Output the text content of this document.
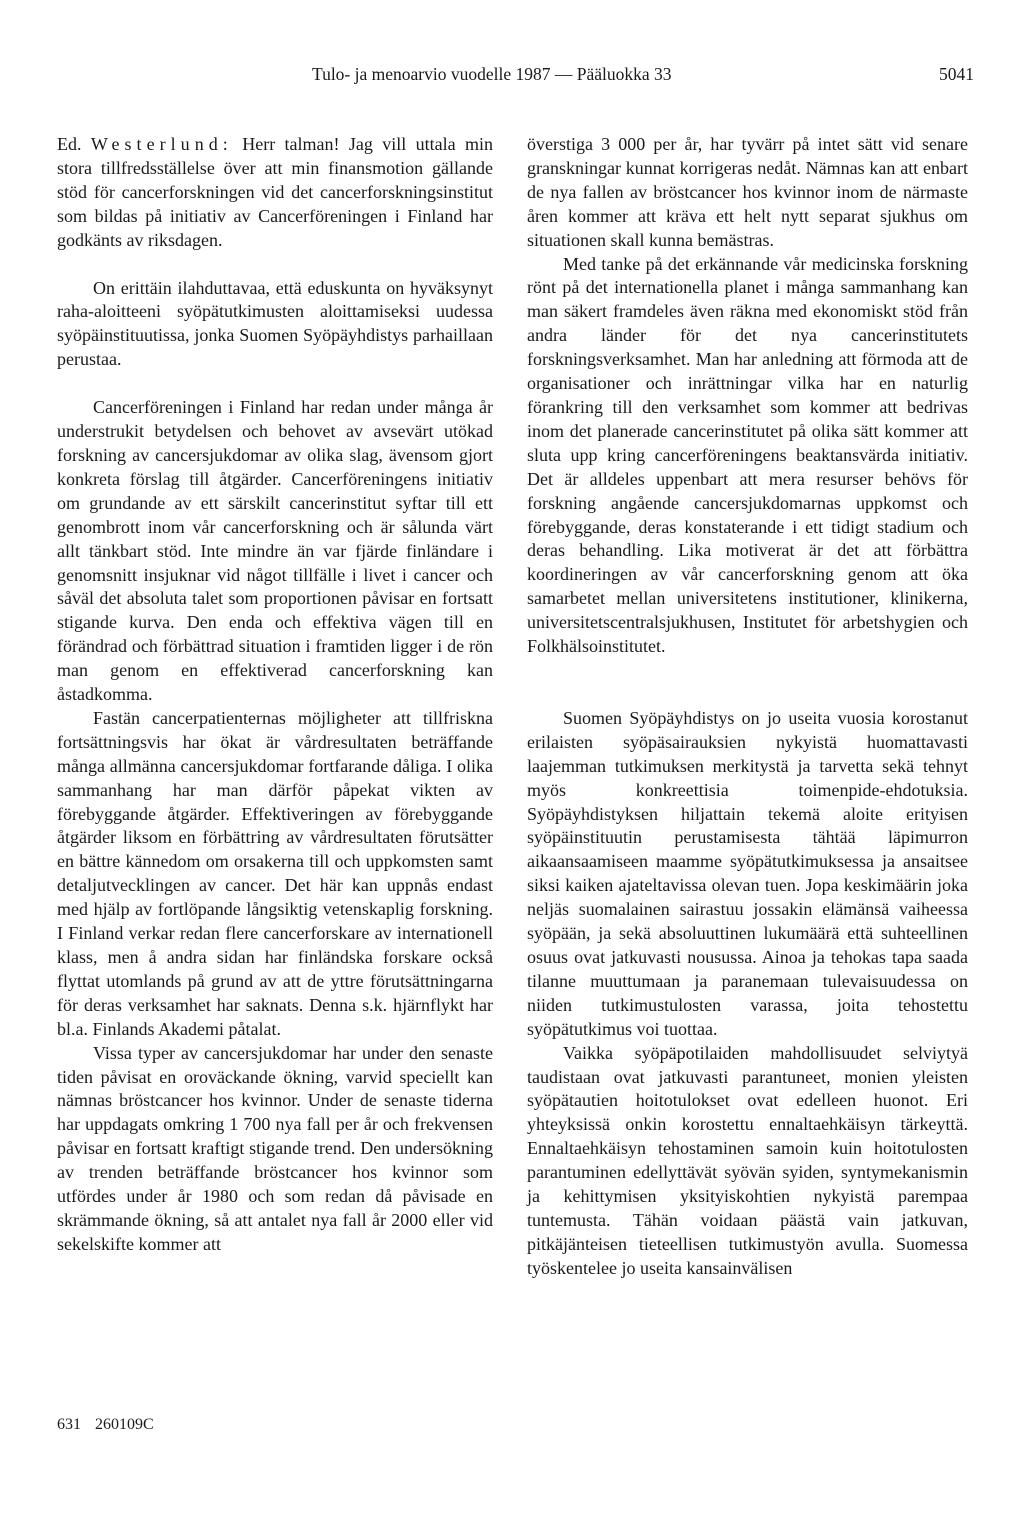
Tulo- ja menoarvio vuodelle 1987 — Pääluokka 33	5041

Ed. Westerlund: Herr talman! Jag vill uttala min stora tillfredsställelse över att min finansmotion gällande stöd för cancerforskningen vid det cancerforskningsinstitut som bildas på initiativ av Cancerföreningen i Finland har godkänts av riksdagen.

On erittäin ilahduttavaa, että eduskunta on hyväksynyt raha-aloitteeni syöpätutkimusten aloittamiseksi uudessa syöpäinstituutissa, jonka Suomen Syöpäyhdistys parhaillaan perustaa.

Cancerföreningen i Finland har redan under många år understrukit betydelsen och behovet av avsevärt utökad forskning av cancersjukdomar av olika slag, ävensom gjort konkreta förslag till åtgärder. Cancerföreningens initiativ om grundande av ett särskilt cancerinstitut syftar till ett genombrott inom vår cancerforskning och är sålunda värt allt tänkbart stöd. Inte mindre än var fjärde finländare i genomsnitt insjuknar vid något tillfälle i livet i cancer och såväl det absoluta talet som proportionen påvisar en fortsatt stigande kurva. Den enda och effektiva vägen till en förändrad och förbättrad situation i framtiden ligger i de rön man genom en effektiverad cancerforskning kan åstadkomma.

Fastän cancerpatienternas möjligheter att tillfriskna fortsättningsvis har ökat är vårdresultaten beträffande många allmänna cancersjukdomar fortfarande dåliga. I olika sammanhang har man därför påpekat vikten av förebyggande åtgärder. Effektiveringen av förebyggande åtgärder liksom en förbättring av vårdresultaten förutsätter en bättre kännedom om orsakerna till och uppkomsten samt detaljutvecklingen av cancer. Det här kan uppnås endast med hjälp av fortlöpande långsiktig vetenskaplig forskning. I Finland verkar redan flere cancerforskare av internationell klass, men å andra sidan har finländska forskare också flyttat utomlands på grund av att de yttre förutsättningarna för deras verksamhet har saknats. Denna s.k. hjärnflykt har bl.a. Finlands Akademi påtalat.

Vissa typer av cancersjukdomar har under den senaste tiden påvisat en oroväckande ökning, varvid speciellt kan nämnas bröstcancer hos kvinnor. Under de senaste tiderna har uppdagats omkring 1 700 nya fall per år och frekvensen påvisar en fortsatt kraftigt stigande trend. Den undersökning av trenden beträffande bröstcancer hos kvinnor som utfördes under år 1980 och som redan då påvisade en skrämmande ökning, så att antalet nya fall år 2000 eller vid sekelskifte kommer att

överstiga 3 000 per år, har tyvärr på intet sätt vid senare granskningar kunnat korrigeras nedåt. Nämnas kan att enbart de nya fallen av bröstcancer hos kvinnor inom de närmaste åren kommer att kräva ett helt nytt separat sjukhus om situationen skall kunna bemästras.

Med tanke på det erkännande vår medicinska forskning rönt på det internationella planet i många sammanhang kan man säkert framdeles även räkna med ekonomiskt stöd från andra länder för det nya cancerinstitutets forskningsverksamhet. Man har anledning att förmoda att de organisationer och inrättningar vilka har en naturlig förankring till den verksamhet som kommer att bedrivas inom det planerade cancerinstitutet på olika sätt kommer att sluta upp kring cancerföreningens beaktansvärda initiativ. Det är alldeles uppenbart att mera resurser behövs för forskning angående cancersjukdomarnas uppkomst och förebyggande, deras konstaterande i ett tidigt stadium och deras behandling. Lika motiverat är det att förbättra koordineringen av vår cancerforskning genom att öka samarbetet mellan universitetens institutioner, klinikerna, universitetscentralsjukhusen, Institutet för arbetshygien och Folkhälsoinstitutet.

Suomen Syöpäyhdistys on jo useita vuosia korostanut erilaisten syöpäsairauksien nykyistä huomattavasti laajemman tutkimuksen merkitystä ja tarvetta sekä tehnyt myös konkreettisia toimenpide-ehdotuksia. Syöpäyhdistyksen hiljattain tekemä aloite erityisen syöpäinstituutin perustamisesta tähtää läpimurron aikaansaamiseen maamme syöpätutkimuksessa ja ansaitsee siksi kaiken ajateltavissa olevan tuen. Jopa keskimäärin joka neljäs suomalainen sairastuu jossakin elämänsä vaiheessa syöpään, ja sekä absoluuttinen lukumäärä että suhteellinen osuus ovat jatkuvasti nousussa. Ainoa ja tehokas tapa saada tilanne muuttumaan ja paranemaan tulevaisuudessa on niiden tutkimustulosten varassa, joita tehostettu syöpätutkimus voi tuottaa.

Vaikka syöpäpotilaiden mahdollisuudet selviytyä taudistaan ovat jatkuvasti parantuneet, monien yleisten syöpätautien hoitotulokset ovat edelleen huonot. Eri yhteyksissä onkin korostettu ennaltaehkäisyn tärkeyttä. Ennaltaehkäisyn tehostaminen samoin kuin hoitotulosten parantuminen edellyttävät syövän syiden, syntymekanismin ja kehittymisen yksityiskohtien nykyistä parempaa tuntemusta. Tähän voidaan päästä vain jatkuvan, pitkäjänteisen tieteellisen tutkimustyön avulla. Suomessa työskentelee jo useita kansainvälisen

631 260109C
